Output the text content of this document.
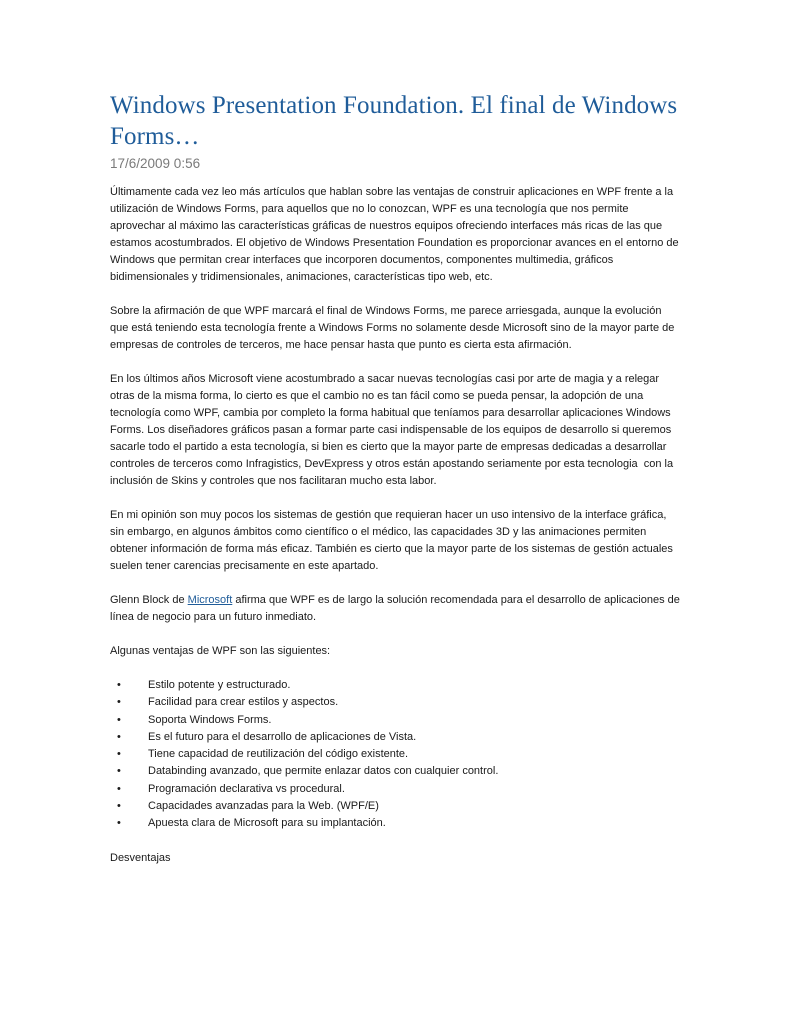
Windows Presentation Foundation. El final de Windows Forms…
17/6/2009 0:56

Últimamente cada vez leo más artículos que hablan sobre las ventajas de construir aplicaciones en WPF frente a la utilización de Windows Forms, para aquellos que no lo conozcan, WPF es una tecnología que nos permite aprovechar al máximo las características gráficas de nuestros equipos ofreciendo interfaces más ricas de las que estamos acostumbrados. El objetivo de Windows Presentation Foundation es proporcionar avances en el entorno de Windows que permitan crear interfaces que incorporen documentos, componentes multimedia, gráficos bidimensionales y tridimensionales, animaciones, características tipo web, etc.

Sobre la afirmación de que WPF marcará el final de Windows Forms, me parece arriesgada, aunque la evolución que está teniendo esta tecnología frente a Windows Forms no solamente desde Microsoft sino de la mayor parte de empresas de controles de terceros, me hace pensar hasta que punto es cierta esta afirmación.

En los últimos años Microsoft viene acostumbrado a sacar nuevas tecnologías casi por arte de magia y a relegar otras de la misma forma, lo cierto es que el cambio no es tan fácil como se pueda pensar, la adopción de una tecnología como WPF, cambia por completo la forma habitual que teníamos para desarrollar aplicaciones Windows Forms. Los diseñadores gráficos pasan a formar parte casi indispensable de los equipos de desarrollo si queremos sacarle todo el partido a esta tecnología, si bien es cierto que la mayor parte de empresas dedicadas a desarrollar controles de terceros como Infragistics, DevExpress y otros están apostando seriamente por esta tecnologia  con la inclusión de Skins y controles que nos facilitaran mucho esta labor.

En mi opinión son muy pocos los sistemas de gestión que requieran hacer un uso intensivo de la interface gráfica, sin embargo, en algunos ámbitos como científico o el médico, las capacidades 3D y las animaciones permiten obtener información de forma más eficaz. También es cierto que la mayor parte de los sistemas de gestión actuales suelen tener carencias precisamente en este apartado.

Glenn Block de Microsoft afirma que WPF es de largo la solución recomendada para el desarrollo de aplicaciones de línea de negocio para un futuro inmediato.

Algunas ventajas de WPF son las siguientes:

•	Estilo potente y estructurado.
•	Facilidad para crear estilos y aspectos.
•	Soporta Windows Forms.
•	Es el futuro para el desarrollo de aplicaciones de Vista.
•	Tiene capacidad de reutilización del código existente.
•	Databinding avanzado, que permite enlazar datos con cualquier control.
•	Programación declarativa vs procedural.
•	Capacidades avanzadas para la Web. (WPF/E)
•	Apuesta clara de Microsoft para su implantación.

Desventajas
